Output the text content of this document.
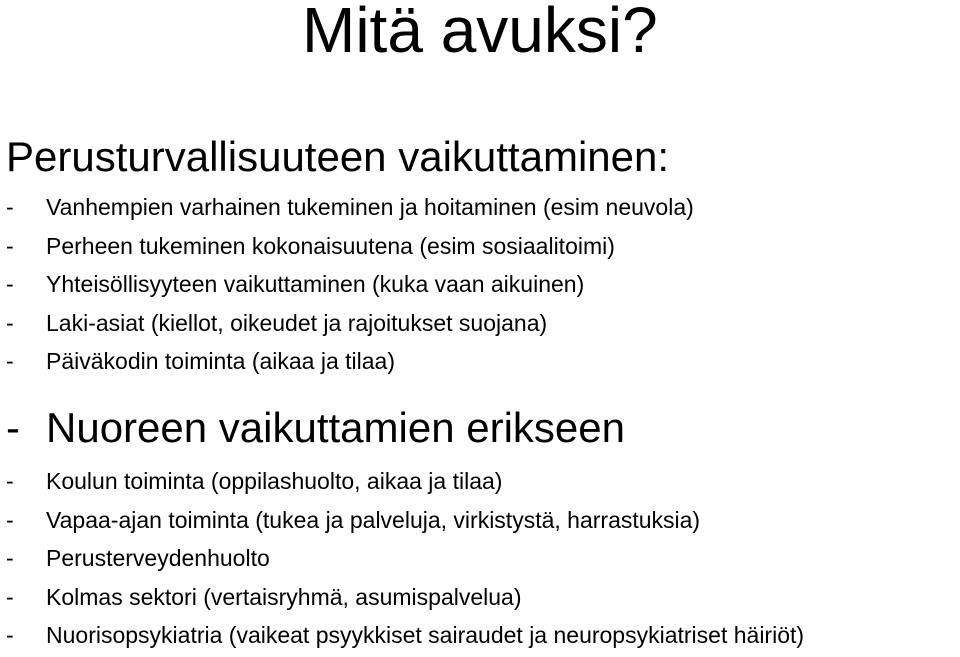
Mitä avuksi?
Perusturvallisuuteen vaikuttaminen:
- Vanhempien varhainen tukeminen ja hoitaminen (esim neuvola)
- Perheen tukeminen kokonaisuutena (esim sosiaalitoimi)
- Yhteisöllisyyteen vaikuttaminen (kuka vaan aikuinen)
- Laki-asiat (kiellot, oikeudet ja rajoitukset suojana)
- Päiväkodin toiminta (aikaa ja tilaa)
- Nuoreen vaikuttamien erikseen
- Koulun toiminta (oppilashuolto, aikaa ja tilaa)
- Vapaa-ajan toiminta (tukea ja palveluja, virkistystä, harrastuksia)
- Perusterveydenhuolto
- Kolmas sektori (vertaisryhmä, asumispalvelua)
- Nuorisopsykiatria (vaikeat psyykkiset sairaudet ja neuropsykiatriset häiriöt)
